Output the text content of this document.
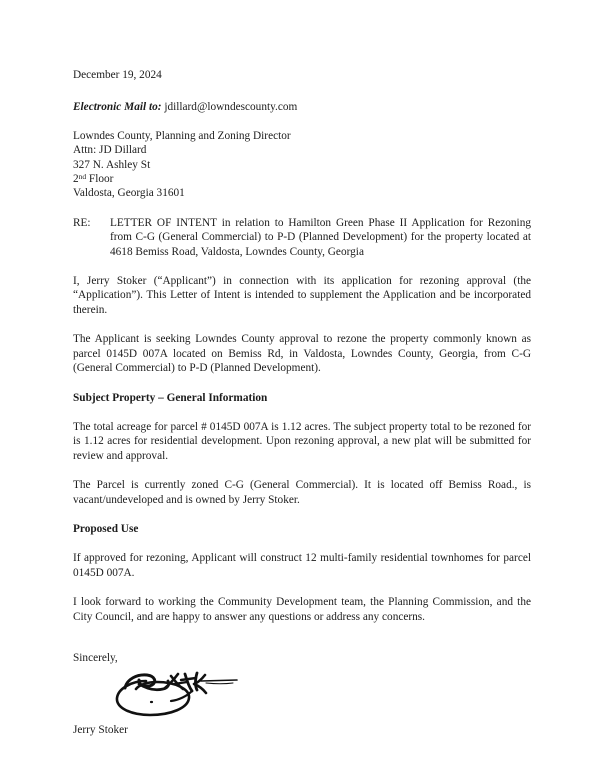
December 19, 2024
Electronic Mail to: jdillard@lowndescounty.com
Lowndes County, Planning and Zoning Director
Attn: JD Dillard
327 N. Ashley St
2nd Floor
Valdosta, Georgia 31601
RE: LETTER OF INTENT in relation to Hamilton Green Phase II Application for Rezoning from C-G (General Commercial) to P-D (Planned Development) for the property located at 4618 Bemiss Road, Valdosta, Lowndes County, Georgia

I, Jerry Stoker (“Applicant”) in connection with its application for rezoning approval (the “Application”). This Letter of Intent is intended to supplement the Application and be incorporated therein.

The Applicant is seeking Lowndes County approval to rezone the property commonly known as parcel 0145D 007A located on Bemiss Rd, in Valdosta, Lowndes County, Georgia, from C-G (General Commercial) to P-D (Planned Development).

Subject Property – General Information

The total acreage for parcel # 0145D 007A is 1.12 acres. The subject property total to be rezoned for is 1.12 acres for residential development. Upon rezoning approval, a new plat will be submitted for review and approval.

The Parcel is currently zoned C-G (General Commercial). It is located off Bemiss Road., is vacant/undeveloped and is owned by Jerry Stoker.

Proposed Use

If approved for rezoning, Applicant will construct 12 multi-family residential townhomes for parcel 0145D 007A.

I look forward to working the Community Development team, the Planning Commission, and the City Council, and are happy to answer any questions or address any concerns.

Sincerely,
Jerry Stoker
